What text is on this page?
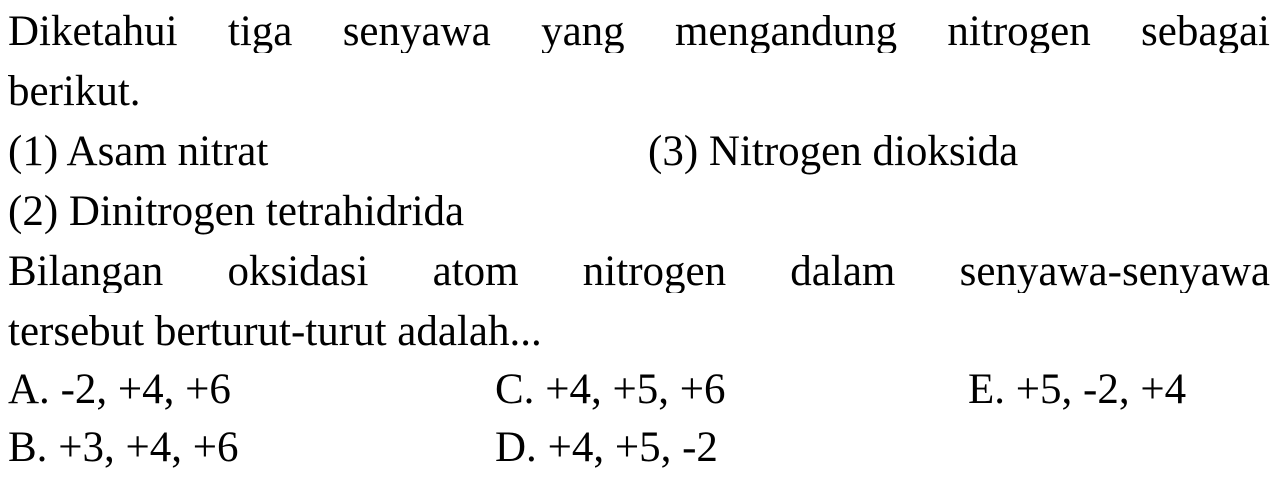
Diketahui tiga senyawa yang mengandung nitrogen sebagai
berikut.
(1) Asam nitrat	(3) Nitrogen dioksida
(2) Dinitrogen tetrahidrida
Bilangan oksidasi atom nitrogen dalam senyawa-senyawa
tersebut berturut-turut adalah...
A. -2, +4, +6	C. +4, +5, +6	E. +5, -2, +4
B. +3, +4, +6	D. +4, +5, -2
